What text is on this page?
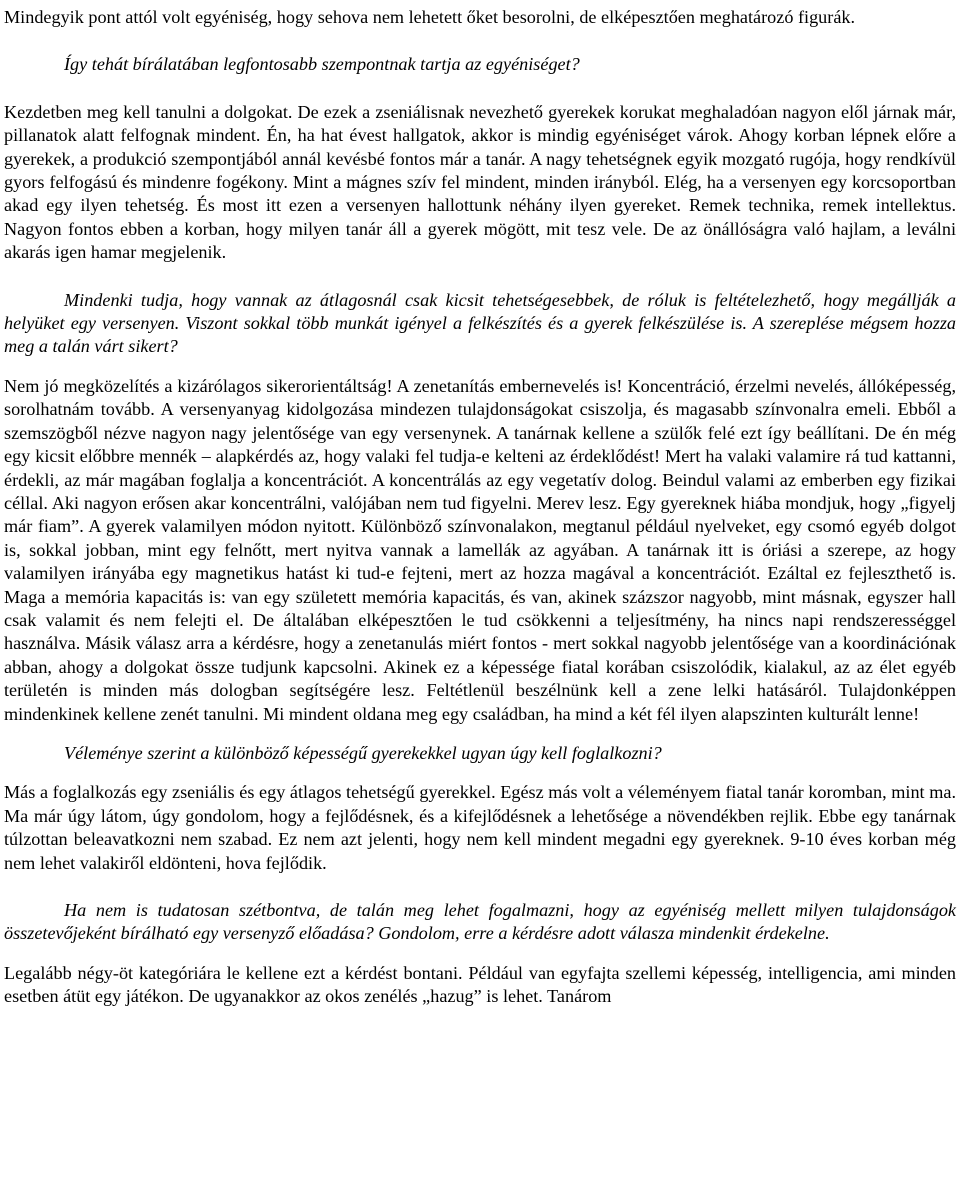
Mindegyik pont attól volt egyéniség, hogy sehova nem lehetett őket besorolni, de elképesztően meghatározó figurák.

Így tehát bírálatában legfontosabb szempontnak tartja az egyéniséget?

Kezdetben meg kell tanulni a dolgokat. De ezek a zseniálisnak nevezhető gyerekek korukat meghaladóan nagyon elől járnak már, pillanatok alatt felfognak mindent. Én, ha hat évest hallgatok, akkor is mindig egyéniséget várok. Ahogy korban lépnek előre a gyerekek, a produkció szempontjából annál kevésbé fontos már a tanár. A nagy tehetségnek egyik mozgató rugója, hogy rendkívül gyors felfogású és mindenre fogékony. Mint a mágnes szív fel mindent, minden irányból. Elég, ha a versenyen egy korcsoportban akad egy ilyen tehetség. És most itt ezen a versenyen hallottunk néhány ilyen gyereket. Remek technika, remek intellektus. Nagyon fontos ebben a korban, hogy milyen tanár áll a gyerek mögött, mit tesz vele. De az önállóságra való hajlam, a leválni akarás igen hamar megjelenik.

Mindenki tudja, hogy vannak az átlagosnál csak kicsit tehetségesebbek, de róluk is feltételezhető, hogy megállják a helyüket egy versenyen. Viszont sokkal több munkát igényel a felkészítés és a gyerek felkészülése is. A szereplése mégsem hozza meg a talán várt sikert?

Nem jó megközelítés a kizárólagos sikerorientáltság! A zenetanítás embernevelés is! Koncentráció, érzelmi nevelés, állóképesség, sorolhatnám tovább. A versenyanyag kidolgozása mindezen tulajdonságokat csiszolja, és magasabb színvonalra emeli. Ebből a szemszögből nézve nagyon nagy jelentősége van egy versenynek. A tanárnak kellene a szülők felé ezt így beállítani. De én még egy kicsit előbbre mennék – alapkérdés az, hogy valaki fel tudja-e kelteni az érdeklődést! Mert ha valaki valamire rá tud kattanni, érdekli, az már magában foglalja a koncentrációt. A koncentrálás az egy vegetatív dolog. Beindul valami az emberben egy fizikai céllal. Aki nagyon erősen akar koncentrálni, valójában nem tud figyelni. Merev lesz. Egy gyereknek hiába mondjuk, hogy „figyelj már fiam”. A gyerek valamilyen módon nyitott. Különböző színvonalakon, megtanul például nyelveket, egy csomó egyéb dolgot is, sokkal jobban, mint egy felnőtt, mert nyitva vannak a lamellák az agyában. A tanárnak itt is óriási a szerepe, az hogy valamilyen irányába egy magnetikus hatást ki tud-e fejteni, mert az hozza magával a koncentrációt. Ezáltal ez fejleszthető is. Maga a memória kapacitás is: van egy született memória kapacitás, és van, akinek százszor nagyobb, mint másnak, egyszer hall csak valamit és nem felejti el. De általában elképesztően le tud csökkenni a teljesítmény, ha nincs napi rendszerességgel használva. Másik válasz arra a kérdésre, hogy a zenetanulás miért fontos - mert sokkal nagyobb jelentősége van a koordinációnak abban, ahogy a dolgokat össze tudjunk kapcsolni. Akinek ez a képessége fiatal korában csiszolódik, kialakul, az az élet egyéb területén is minden más dologban segítségére lesz. Feltétlenül beszélnünk kell a zene lelki hatásáról. Tulajdonképpen mindenkinek kellene zenét tanulni. Mi mindent oldana meg egy családban, ha mind a két fél ilyen alapszinten kulturált lenne!

Véleménye szerint a különböző képességű gyerekekkel ugyan úgy kell foglalkozni?

Más a foglalkozás egy zseniális és egy átlagos tehetségű gyerekkel. Egész más volt a véleményem fiatal tanár koromban, mint ma. Ma már úgy látom, úgy gondolom, hogy a fejlődésnek, és a kifejlődésnek a lehetősége a növendékben rejlik. Ebbe egy tanárnak túlzottan beleavatkozni nem szabad. Ez nem azt jelenti, hogy nem kell mindent megadni egy gyereknek. 9-10 éves korban még nem lehet valakiről eldönteni, hova fejlődik.

Ha nem is tudatosan szétbontva, de talán meg lehet fogalmazni, hogy az egyéniség mellett milyen tulajdonságok összetevőjeként bírálható egy versenyző előadása? Gondolom, erre a kérdésre adott válasza mindenkit érdekelne.

Legalább négy-öt kategóriára le kellene ezt a kérdést bontani. Például van egyfajta szellemi képesség, intelligencia, ami minden esetben átüt egy játékon. De ugyanakkor az okos zenélés „hazug” is lehet. Tanárom
